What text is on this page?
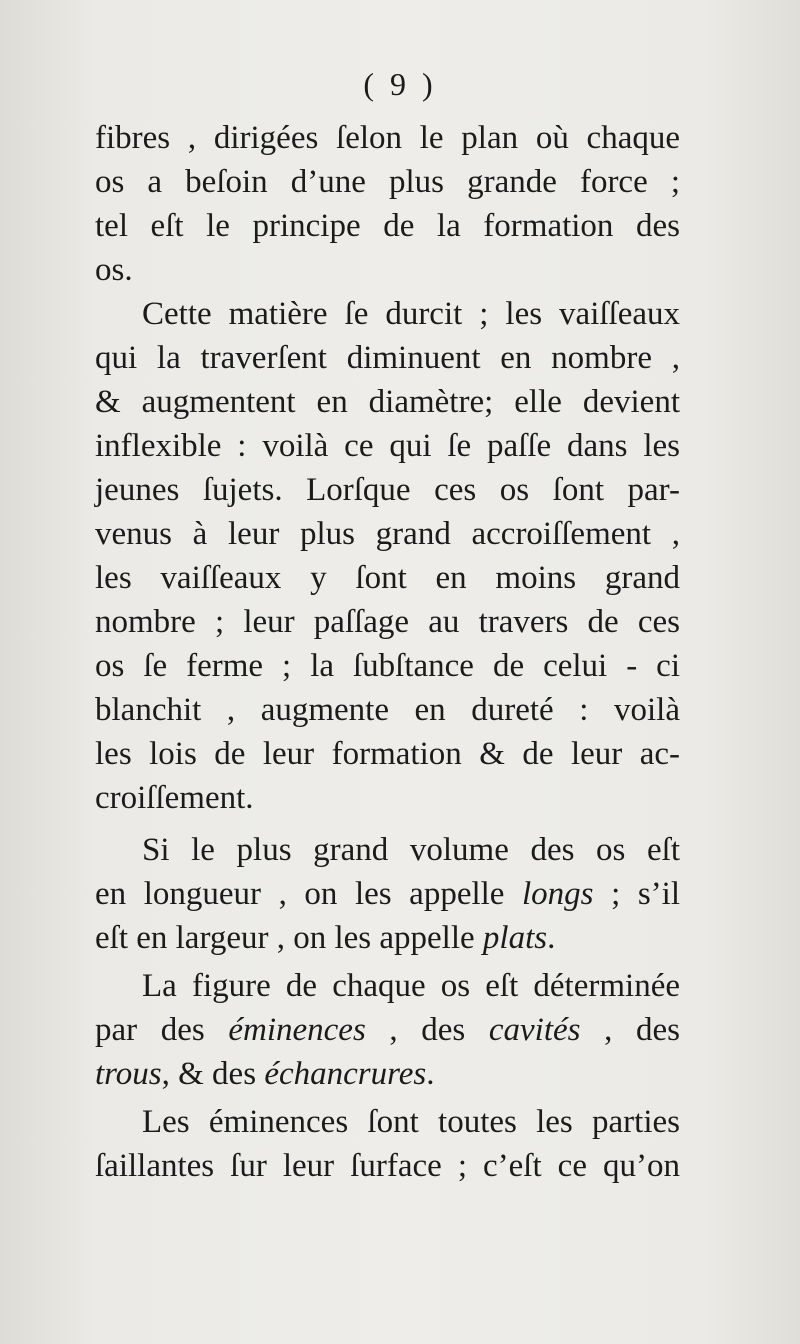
( 9 )
fibres , dirigées ſelon le plan où chaque
os a beſoin d’une plus grande force ;
tel eſt le principe de la formation des
os.
Cette matière ſe durcit ; les vaiſſeaux
qui la traverſent diminuent en nombre ,
& augmentent en diamètre; elle devient
inflexible : voilà ce qui ſe paſſe dans les
jeunes ſujets. Lorſque ces os ſont par-
venus à leur plus grand accroiſſement ,
les vaiſſeaux y ſont en moins grand
nombre ; leur paſſage au travers de ces
os ſe ferme ; la ſubſtance de celui - ci
blanchit , augmente en dureté : voilà
les lois de leur formation & de leur ac-
croiſſement.
Si le plus grand volume des os eſt
en longueur , on les appelle longs ; s’il
eſt en largeur , on les appelle plats.
La figure de chaque os eſt déterminée
par des éminences , des cavités , des
trous, & des échancrures.
Les éminences ſont toutes les parties
ſaillantes ſur leur ſurface ; c’eſt ce qu’on
